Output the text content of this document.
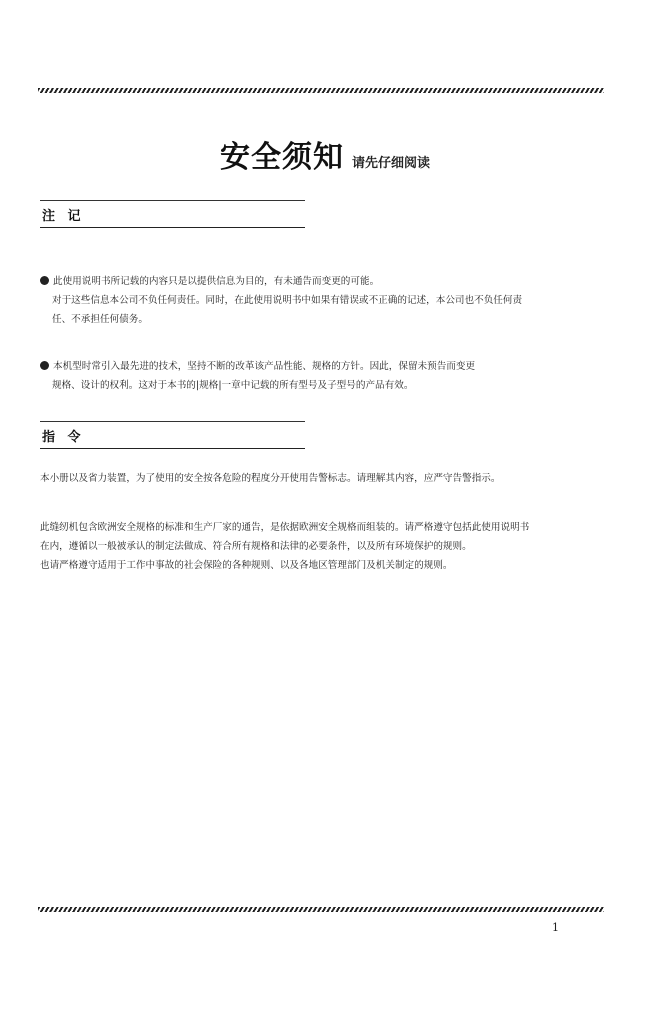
安全须知 请先仔细阅读
注 记
此使用说明书所记载的内容只是以提供信息为目的，有未通告而变更的可能。
对于这些信息本公司不负任何责任。同时，在此使用说明书中如果有错误或不正确的记述，本公司也不负任何责
任、不承担任何债务。
本机型时常引入最先进的技术，坚持不断的改革该产品性能、规格的方针。因此，保留未预告而变更
规格、设计的权利。这对于本书的|规格|一章中记载的所有型号及子型号的产品有效。
指 令
本小册以及省力装置，为了使用的安全按各危险的程度分开使用告警标志。请理解其内容，应严守告警指示。
此缝纫机包含欧洲安全规格的标准和生产厂家的通告，是依据欧洲安全规格而组装的。请严格遵守包括此使用说明书
在内，遵循以一般被承认的制定法做成、符合所有规格和法律的必要条件，以及所有环境保护的规则。
也请严格遵守适用于工作中事故的社会保险的各种规则、以及各地区管理部门及机关制定的规则。
1
